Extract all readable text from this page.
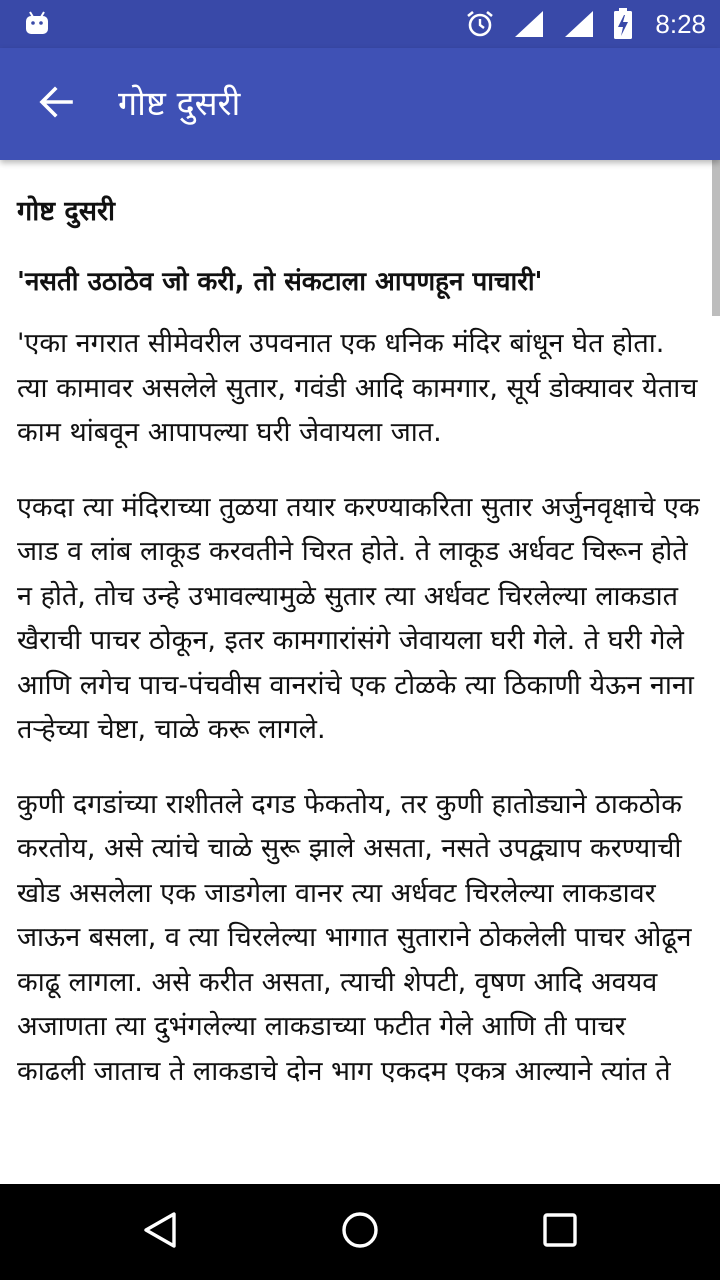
8:28
गोष्ट दुसरी

गोष्ट दुसरी

'नसती उठाठेव जो करी, तो संकटाला आपणहून पाचारी'

'एका नगरात सीमेवरील उपवनात एक धनिक मंदिर बांधून घेत होता. त्या कामावर असलेले सुतार, गवंडी आदि कामगार, सूर्य डोक्यावर येताच काम थांबवून आपापल्या घरी जेवायला जात.

एकदा त्या मंदिराच्या तुळया तयार करण्याकरिता सुतार अर्जुनवृक्षाचे एक जाड व लांब लाकूड करवतीने चिरत होते. ते लाकूड अर्धवट चिरून होते न होते, तोच उन्हे उभावल्यामुळे सुतार त्या अर्धवट चिरलेल्या लाकडात खैराची पाचर ठोकून, इतर कामगारांसंगे जेवायला घरी गेले. ते घरी गेले आणि लगेच पाच-पंचवीस वानरांचे एक टोळके त्या ठिकाणी येऊन नाना तऱ्हेच्या चेष्टा, चाळे करू लागले.

कुणी दगडांच्या राशीतले दगड फेकतोय, तर कुणी हातोड्याने ठाकठोक करतोय, असे त्यांचे चाळे सुरू झाले असता, नसते उपद्व्याप करण्याची खोड असलेला एक जाडगेला वानर त्या अर्धवट चिरलेल्या लाकडावर जाऊन बसला, व त्या चिरलेल्या भागात सुताराने ठोकलेली पाचर ओढून काढू लागला. असे करीत असता, त्याची शेपटी, वृषण आदि अवयव अजाणता त्या दुभंगलेल्या लाकडाच्या फटीत गेले आणि ती पाचर काढली जाताच ते लाकडाचे दोन भाग एकदम एकत्र आल्याने त्यांत ते
